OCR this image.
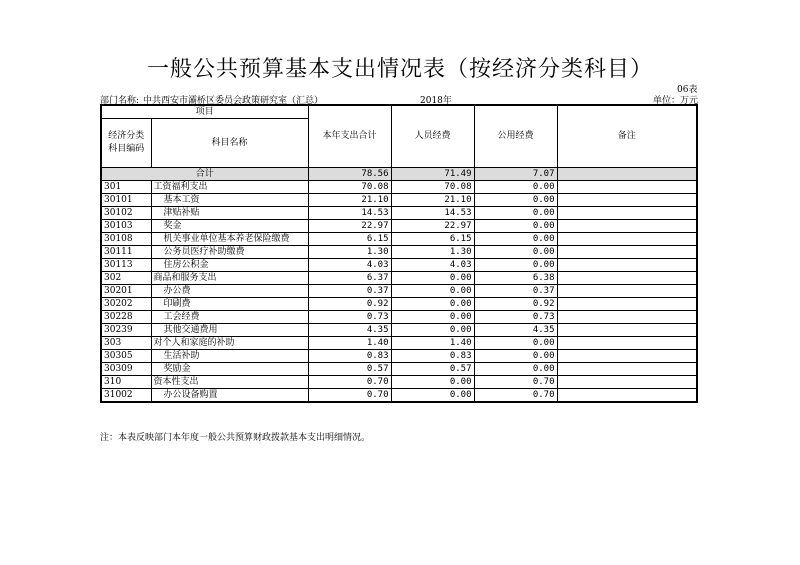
一般公共预算基本支出情况表（按经济分类科目）
06表
部门名称: 中共西安市灞桥区委员会政策研究室（汇总）	2018年	单位：万元
项目		本年支出合计	人员经费	公用经费	备注
经济分类科目编码	科目名称				
合计		78.56	71.49	7.07	
301	工资福利支出	70.08	70.08	0.00	
30101	基本工资	21.10	21.10	0.00	
30102	津贴补贴	14.53	14.53	0.00	
30103	奖金	22.97	22.97	0.00	
30108	机关事业单位基本养老保险缴费	6.15	6.15	0.00	
30111	公务员医疗补助缴费	1.30	1.30	0.00	
30113	住房公积金	4.03	4.03	0.00	
302	商品和服务支出	6.37	0.00	6.38	
30201	办公费	0.37	0.00	0.37	
30202	印刷费	0.92	0.00	0.92	
30228	工会经费	0.73	0.00	0.73	
30239	其他交通费用	4.35	0.00	4.35	
303	对个人和家庭的补助	1.40	1.40	0.00	
30305	生活补助	0.83	0.83	0.00	
30309	奖励金	0.57	0.57	0.00	
310	资本性支出	0.70	0.00	0.70	
31002	办公设备购置	0.70	0.00	0.70	
注：本表反映部门本年度一般公共预算财政拨款基本支出明细情况。
